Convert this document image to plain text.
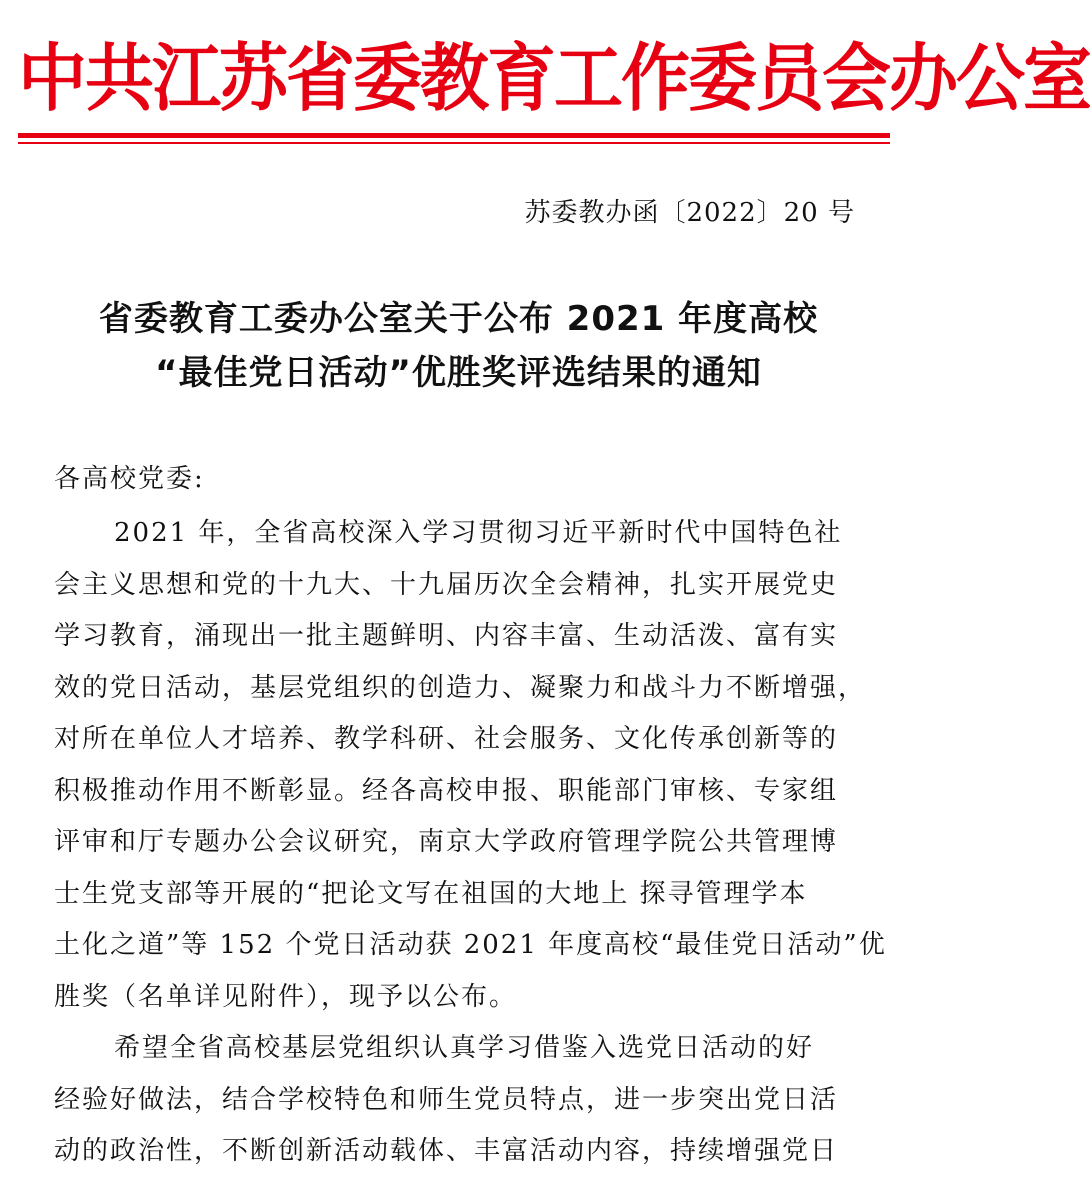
中共江苏省委教育工作委员会办公室
苏委教办函〔2022〕20 号
省委教育工委办公室关于公布 2021 年度高校
“最佳党日活动”优胜奖评选结果的通知
各高校党委:
2021 年，全省高校深入学习贯彻习近平新时代中国特色社
会主义思想和党的十九大、十九届历次全会精神，扎实开展党史
学习教育，涌现出一批主题鲜明、内容丰富、生动活泼、富有实
效的党日活动，基层党组织的创造力、凝聚力和战斗力不断增强，
对所在单位人才培养、教学科研、社会服务、文化传承创新等的
积极推动作用不断彰显。经各高校申报、职能部门审核、专家组
评审和厅专题办公会议研究，南京大学政府管理学院公共管理博
士生党支部等开展的“把论文写在祖国的大地上 探寻管理学本
土化之道”等 152 个党日活动获 2021 年度高校“最佳党日活动”优
胜奖（名单详见附件），现予以公布。
希望全省高校基层党组织认真学习借鉴入选党日活动的好
经验好做法，结合学校特色和师生党员特点，进一步突出党日活
动的政治性，不断创新活动载体、丰富活动内容，持续增强党日
